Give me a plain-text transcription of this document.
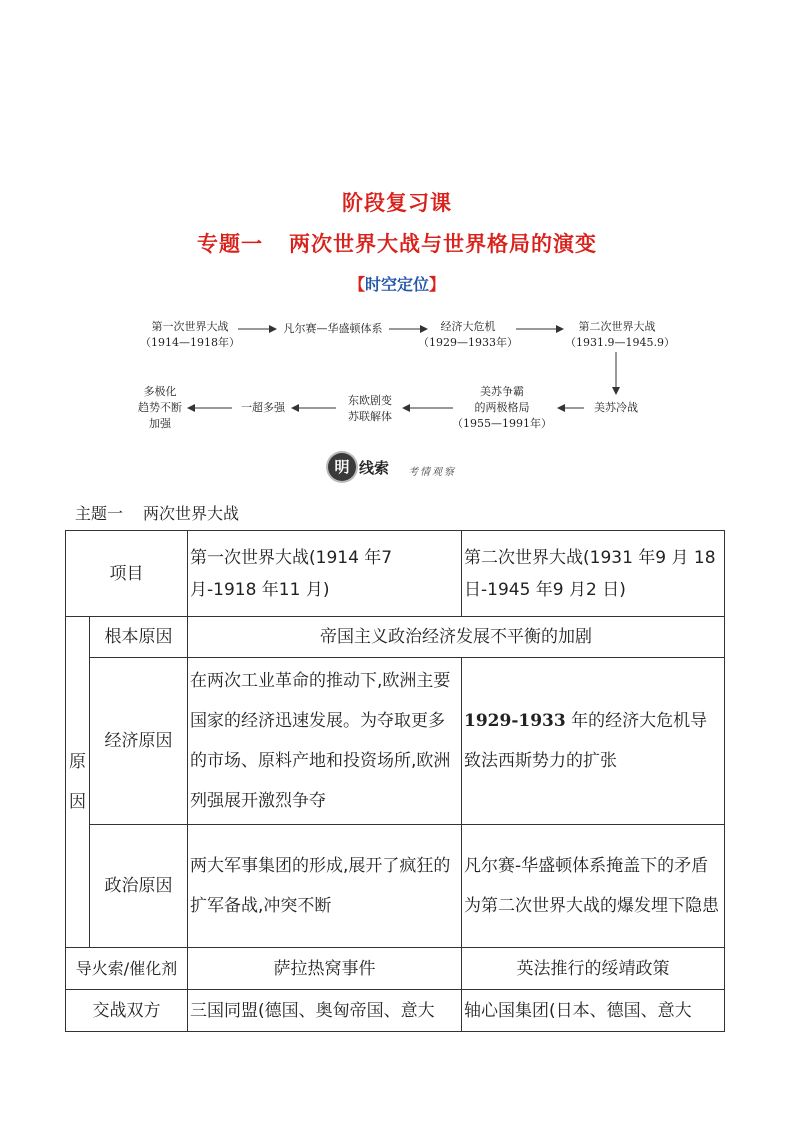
阶段复习课
专题一 两次世界大战与世界格局的演变
【时空定位】
第一次世界大战
（1914—1918年）
凡尔赛—华盛顿体系	经济大危机
（1929—1933年）
第二次世界大战
（1931.9—1945.9）
美苏冷战
美苏争霸
的两极格局
（1955—1991年）
东欧剧变
苏联解体
一超多强
多极化
趋势不断
加强
明 线索 考情观察
主题一 两次世界大战
项目		第一次世界大战(1914 年7 月-1918 年11 月)	第二次世界大战(1931 年9 月 18 日-1945 年9 月2 日)
原因	根本原因	帝国主义政治经济发展不平衡的加剧	
	经济原因	在两次工业革命的推动下,欧洲主要国家的经济迅速发展。为夺取更多的市场、原料产地和投资场所,欧洲列强展开激烈争夺	1929-1933 年的经济大危机导致法西斯势力的扩张
	政治原因	两大军事集团的形成,展开了疯狂的扩军备战,冲突不断	凡尔赛-华盛顿体系掩盖下的矛盾为第二次世界大战的爆发埋下隐患
导火索/催化剂		萨拉热窝事件	英法推行的绥靖政策
交战双方		三国同盟(德国、奥匈帝国、意大	轴心国集团(日本、德国、意大
